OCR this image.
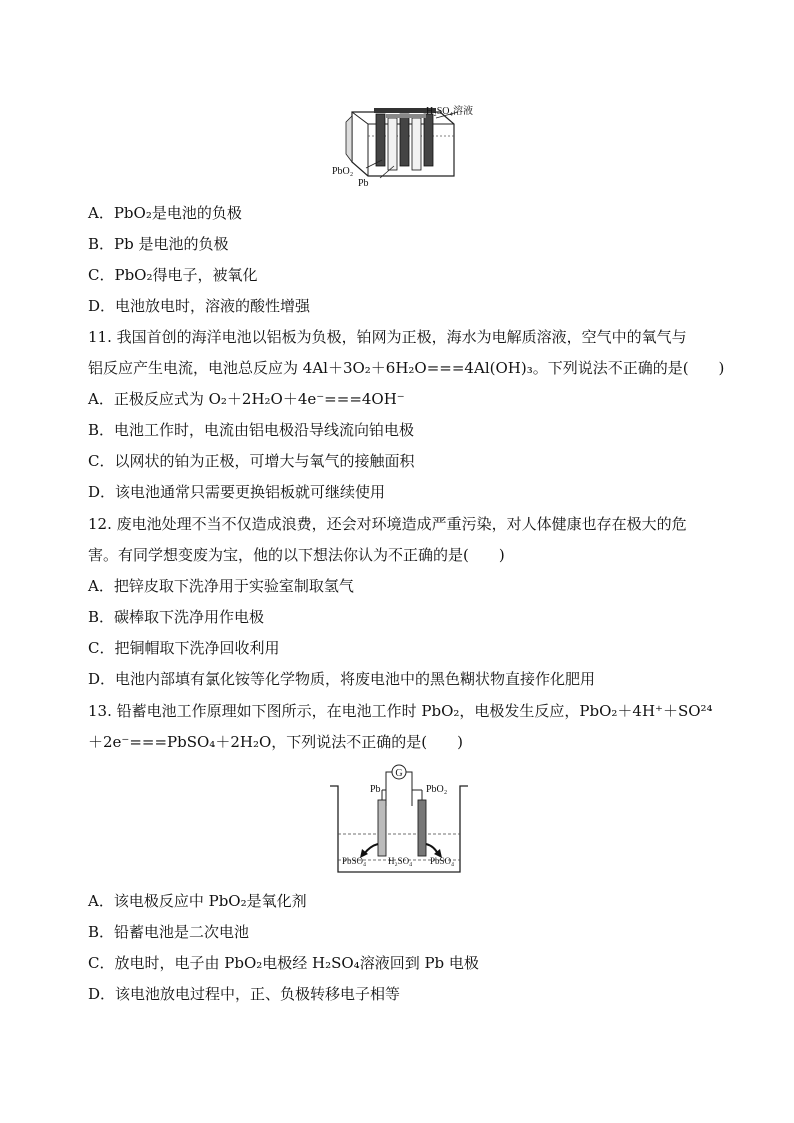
H₂SO₄溶液
PbO₂
Pb
A．PbO₂是电池的负极
B．Pb 是电池的负极
C．PbO₂得电子，被氧化
D．电池放电时，溶液的酸性增强
11. 我国首创的海洋电池以铝板为负极，铂网为正极，海水为电解质溶液，空气中的氧气与
铝反应产生电流，电池总反应为 4Al＋3O₂＋6H₂O===4Al(OH)₃。下列说法不正确的是(　　)
A．正极反应式为 O₂＋2H₂O＋4e⁻===4OH⁻
B．电池工作时，电流由铝电极沿导线流向铂电极
C．以网状的铂为正极，可增大与氧气的接触面积
D．该电池通常只需要更换铝板就可继续使用
12. 废电池处理不当不仅造成浪费，还会对环境造成严重污染，对人体健康也存在极大的危
害。有同学想变废为宝，他的以下想法你认为不正确的是(　　)
A．把锌皮取下洗净用于实验室制取氢气
B．碳棒取下洗净用作电极
C．把铜帽取下洗净回收利用
D．电池内部填有氯化铵等化学物质，将废电池中的黑色糊状物直接作化肥用
13. 铅蓄电池工作原理如下图所示，在电池工作时 PbO₂，电极发生反应，PbO₂＋4H⁺＋SO²⁴
＋2e⁻===PbSO₄＋2H₂O，下列说法不正确的是(　　)
G
Pb	PbO₂
PbSO₄ H₂SO₄ PbSO₄
A．该电极反应中 PbO₂是氧化剂
B．铅蓄电池是二次电池
C．放电时，电子由 PbO₂电极经 H₂SO₄溶液回到 Pb 电极
D．该电池放电过程中，正、负极转移电子相等
